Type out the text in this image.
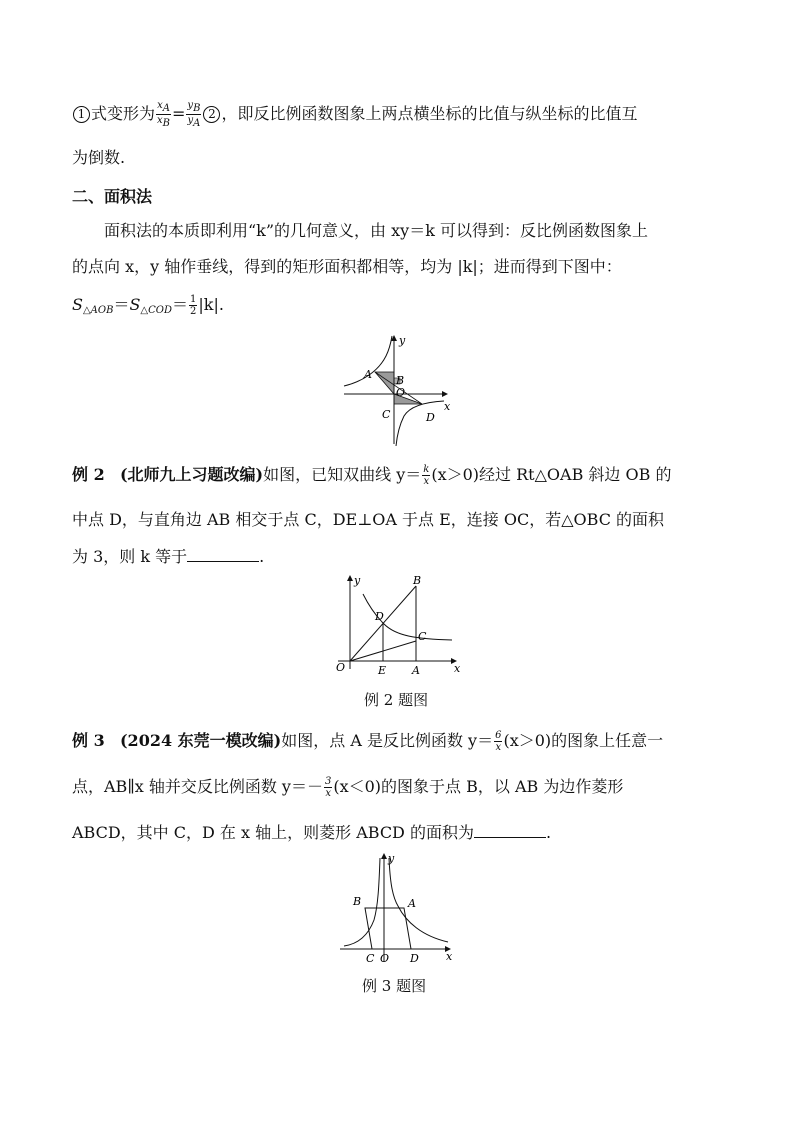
1 式变形为 $\frac{xA}{xB} = \frac{yB}{yA} 2$ ，即反比例函数图象上两点横坐标的比值与纵坐标的比值互
为倒数.
二、面积法
面积法的本质即利用“k”的几何意义，由 xy＝k 可以得到：反比例函数图象上
的点向 x，y 轴作垂线，得到的矩形面积都相等，均为 |k|；进而得到下图中：
$S_{\triangle AOB}=S_{\triangle COD}= \frac{1}{2} |k|$.
y
x
A B
O
C	D
例 2 (北师九上习题改编)如图，已知双曲线 $y= \frac{k}{x} (x>0)$经过 Rt△OAB 斜边 OB 的
中点 D，与直角边 AB 相交于点 C，DE⊥OA 于点 E，连接 OC，若△OBC 的面积
为 3，则 k 等于	.
y
x
O	E A
B
C
D
例 2 题图
例 3 (2024 东莞一模改编)如图，点 A 是反比例函数 $y= \frac{6}{x} (x>0)$的图象上任意一
点，AB∥x 轴并交反比例函数 $y=- \frac{3}{x} (x<0)$的图象于点 B，以 AB 为边作菱形
ABCD，其中 C，D 在 x 轴上，则菱形 ABCD 的面积为	.
y
x
B	A
C O D
例 3 题图
